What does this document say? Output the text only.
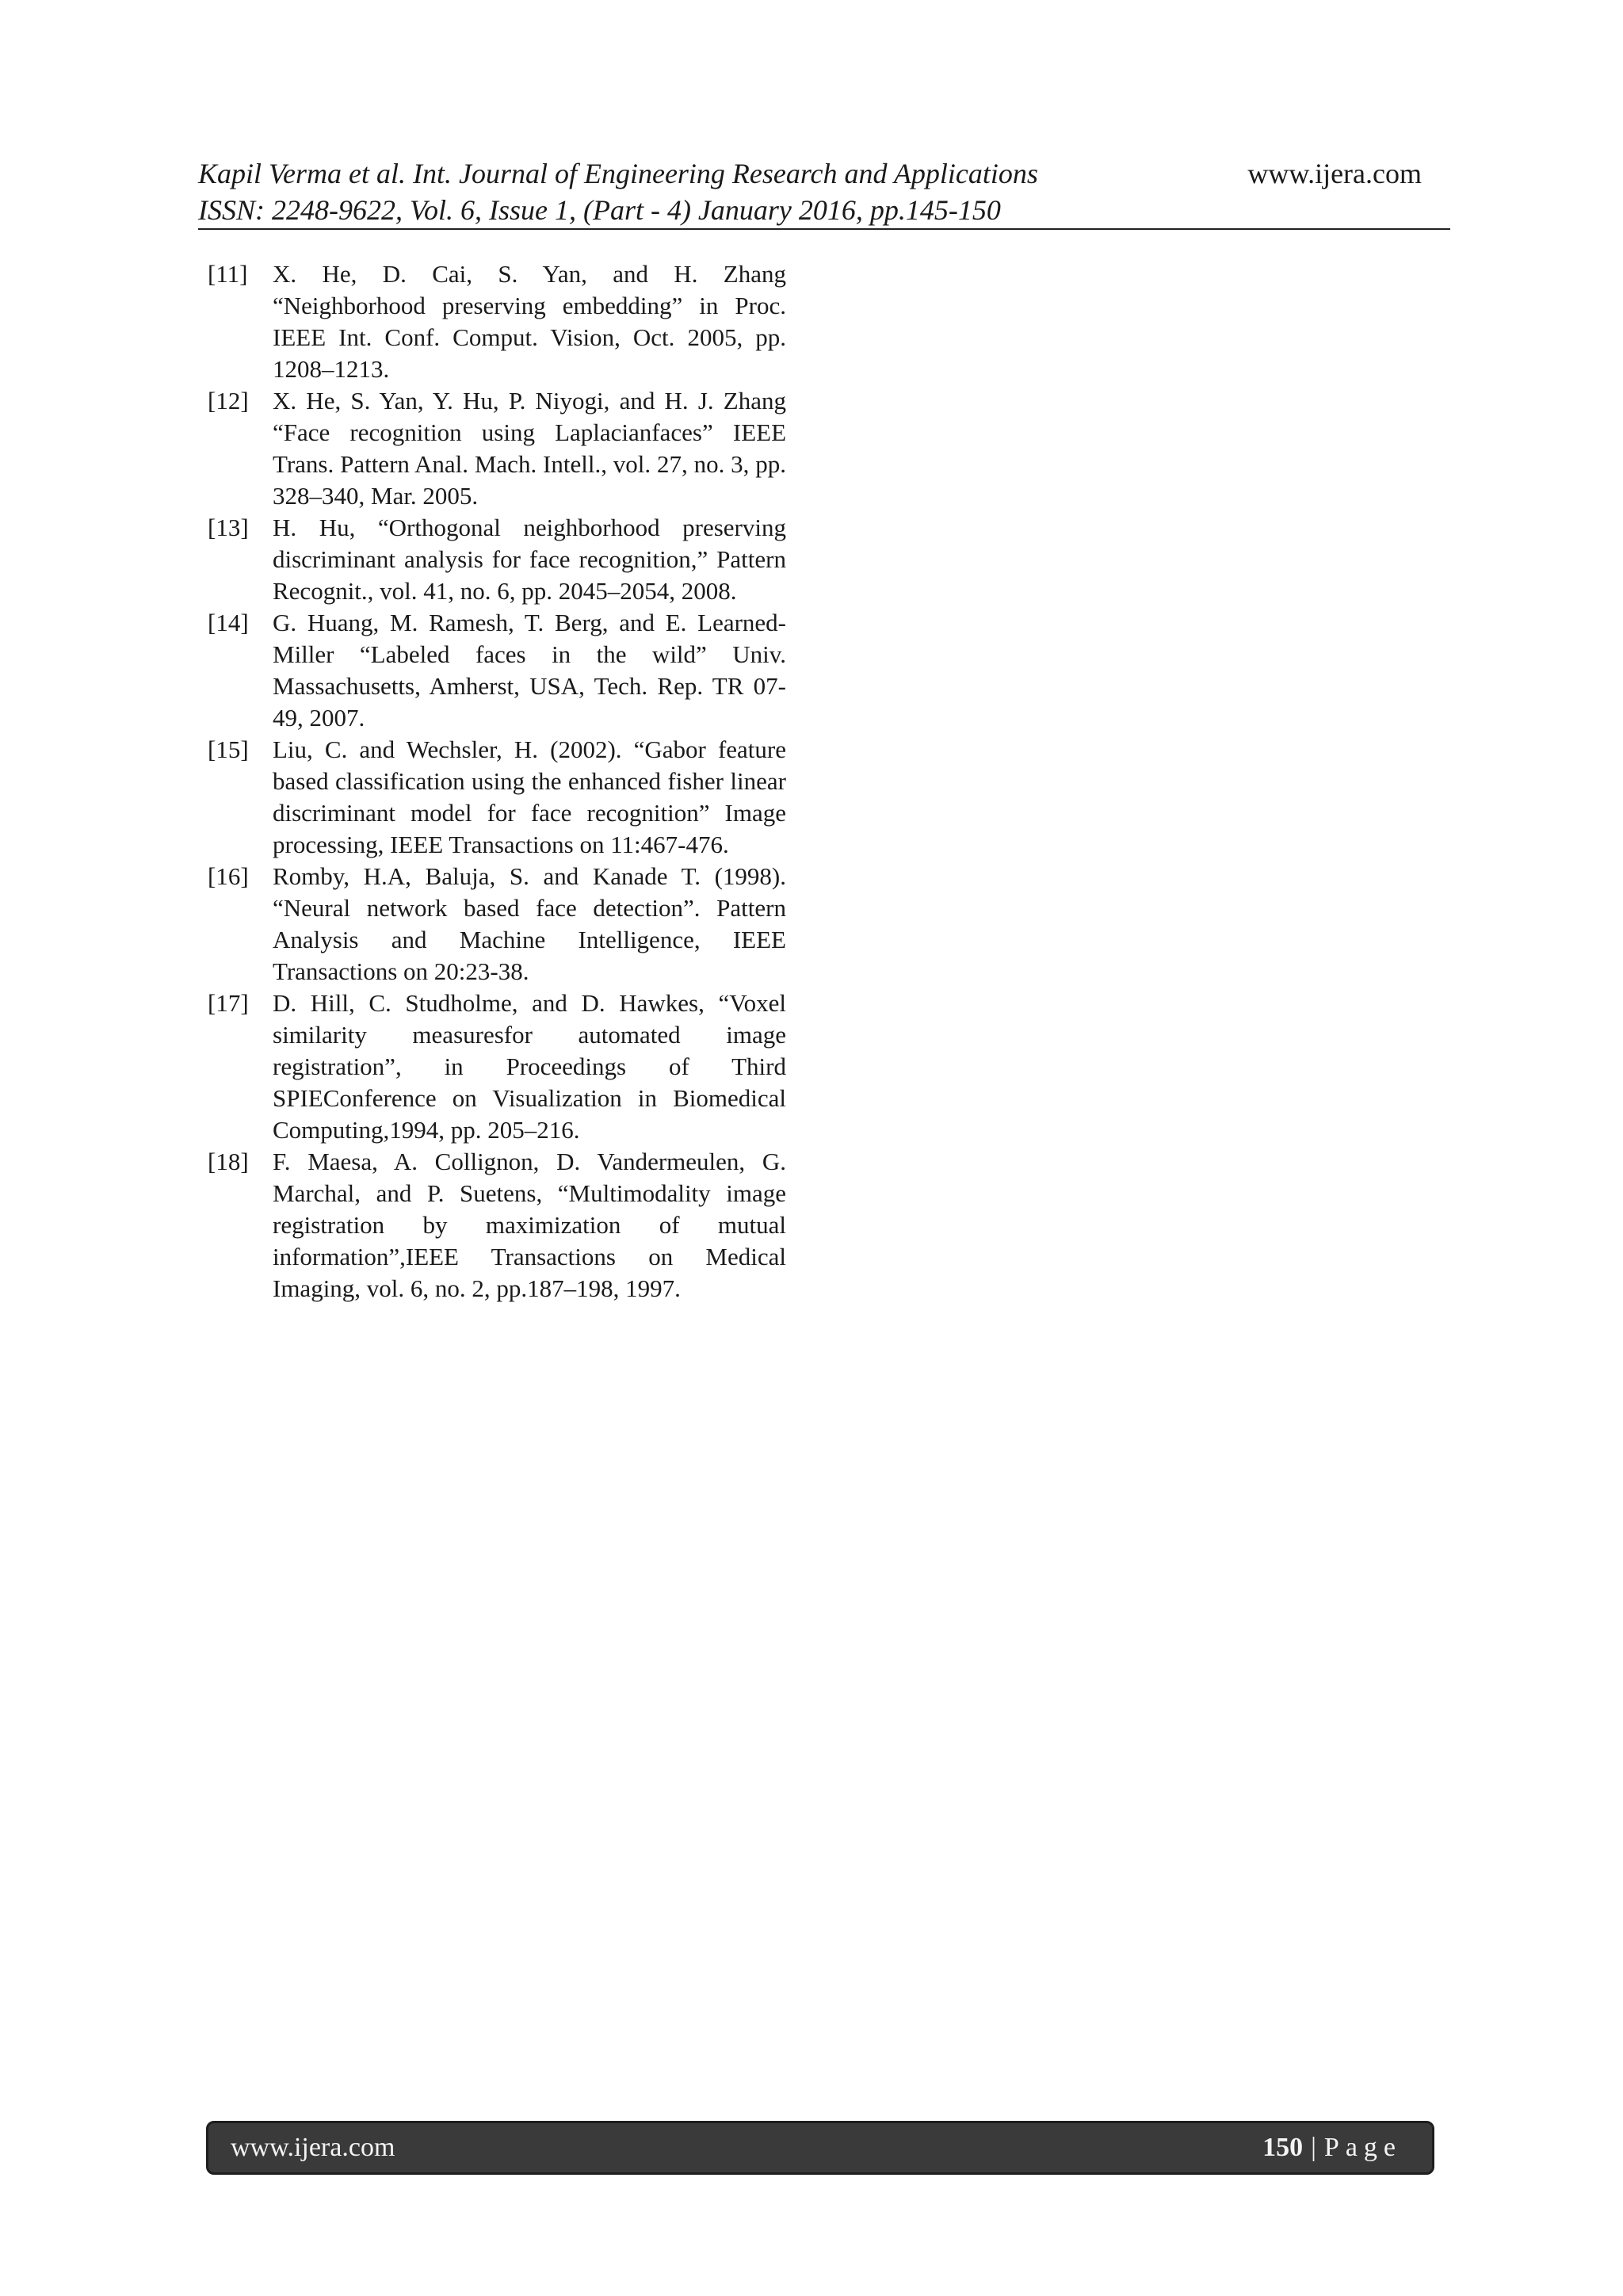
Kapil Verma et al. Int. Journal of Engineering Research and Applications	www.ijera.com
ISSN: 2248-9622, Vol. 6, Issue 1, (Part - 4) January 2016, pp.145-150
[11]	X. He, D. Cai, S. Yan, and H. Zhang “Neighborhood preserving embedding” in Proc. IEEE Int. Conf. Comput. Vision, Oct. 2005, pp. 1208–1213.
[12] X. He, S. Yan, Y. Hu, P. Niyogi, and H. J. Zhang “Face recognition using Laplacianfaces” IEEE Trans. Pattern Anal. Mach. Intell., vol. 27, no. 3, pp. 328–340, Mar. 2005.
[13] H. Hu, “Orthogonal neighborhood preserving discriminant analysis for face recognition,” Pattern Recognit., vol. 41, no. 6, pp. 2045–2054, 2008.
[14] G. Huang, M. Ramesh, T. Berg, and E. Learned-Miller “Labeled faces in the wild” Univ. Massachusetts, Amherst, USA, Tech. Rep. TR 07-49, 2007.
[15] Liu, C. and Wechsler, H. (2002). “Gabor feature based classification using the enhanced fisher linear discriminant model for face recognition” Image processing, IEEE Transactions on 11:467-476.
[16] Romby, H.A, Baluja, S. and Kanade T. (1998). “Neural network based face detection”. Pattern Analysis and Machine Intelligence, IEEE Transactions on 20:23-38.
[17] D. Hill, C. Studholme, and D. Hawkes, “Voxel similarity measuresfor automated image registration”, in Proceedings of Third SPIEConference on Visualization in Biomedical Computing,1994, pp. 205–216.
[18] F. Maesa, A. Collignon, D. Vandermeulen, G. Marchal, and P. Suetens, “Multimodality image registration by maximization of mutual information”,IEEE Transactions on Medical Imaging, vol. 6, no. 2, pp.187–198, 1997.
www.ijera.com	150 | Page
